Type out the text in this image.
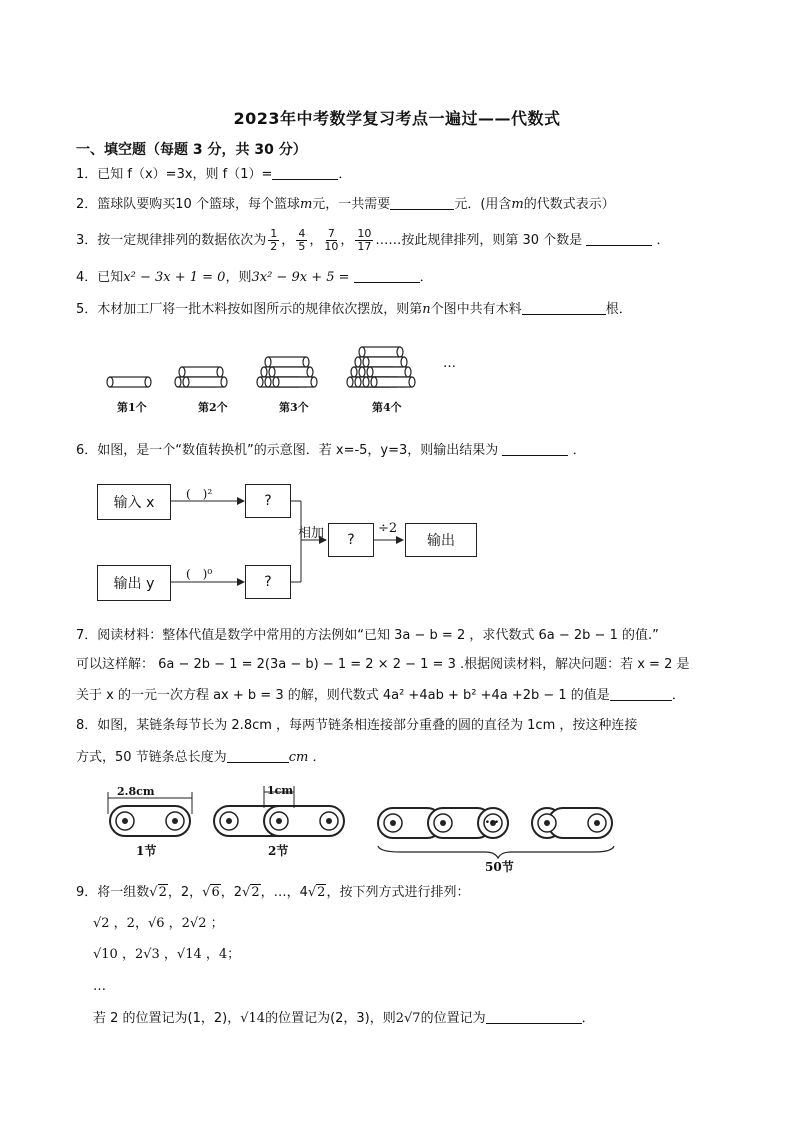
2023年中考数学复习考点一遍过——代数式
一、填空题（每题 3 分，共 30 分）
1．已知 f（x）=3x，则 f（1）=	．
2．篮球队要购买10 个篮球，每个篮球m元，一共需要	元．(用含m的代数式表示）
3．按一定规律排列的数据依次为 $\frac{1}{2}$ ， $\frac{4}{5}$ ， $\frac{7}{10}$ ， $\frac{10}{17}$ ……按此规律排列，则第 30 个数是	．
4．已知x² − 3x + 1 = 0，则3x² − 9x + 5 =	．
5．木材加工厂将一批木料按如图所示的规律依次摆放，则第n个图中共有木料	根．
…
第1个	第2个	第3个	第4个
6．如图，是一个“数值转换机”的示意图．若 x=-5，y=3，则输出结果为	．
输入 x
输出 y
?
?
?	输出
(　)²
(　)⁰
相加	÷2
7．阅读材料：整体代值是数学中常用的方法例如“已知 3a − b = 2 ，求代数式 6a − 2b − 1 的值.”
可以这样解： 6a − 2b − 1 = 2(3a − b) − 1 = 2 × 2 − 1 = 3 .根据阅读材料，解决问题：若 x = 2 是
关于 x 的一元一次方程 ax + b = 3 的解，则代数式 4a² +4ab + b² +4a +2b − 1 的值是	．
8．如图，某链条每节长为 2.8cm ，每两节链条相连接部分重叠的圆的直径为 1cm ，按这种连接
方式，50 节链条总长度为	cm ．
2.8cm	1cm
…
1节	2节
50节
9．将一组数√2，2，√6，2√2，…，4√2，按下列方式进行排列：
√2 ，2，√6 ，2√2 ；
√10 ，2√3 ，√14 ，4；
…
若 2 的位置记为(1，2)，√14的位置记为(2，3)，则2√7的位置记为	．
